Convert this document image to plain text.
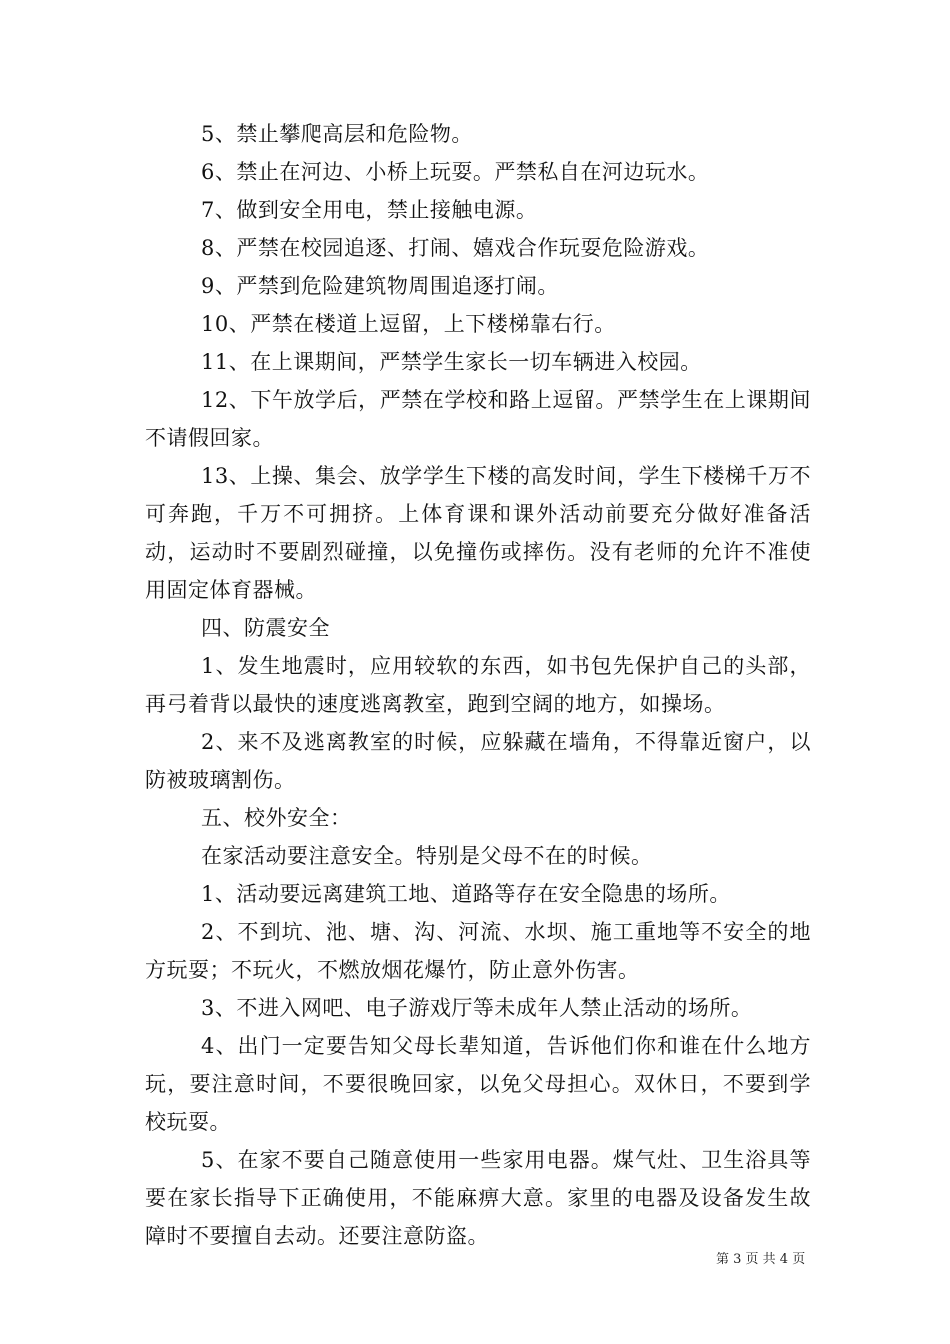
5、禁止攀爬高层和危险物。

6、禁止在河边、小桥上玩耍。严禁私自在河边玩水。

7、做到安全用电，禁止接触电源。

8、严禁在校园追逐、打闹、嬉戏合作玩耍危险游戏。

9、严禁到危险建筑物周围追逐打闹。

10、严禁在楼道上逗留，上下楼梯靠右行。

11、在上课期间，严禁学生家长一切车辆进入校园。

12、下午放学后，严禁在学校和路上逗留。严禁学生在上课期间不请假回家。

13、上操、集会、放学学生下楼的高发时间，学生下楼梯千万不可奔跑，千万不可拥挤。上体育课和课外活动前要充分做好准备活动，运动时不要剧烈碰撞，以免撞伤或摔伤。没有老师的允许不准使用固定体育器械。

四、防震安全

1、发生地震时，应用较软的东西，如书包先保护自己的头部，再弓着背以最快的速度逃离教室，跑到空阔的地方，如操场。

2、来不及逃离教室的时候，应躲藏在墙角，不得靠近窗户，以防被玻璃割伤。

五、校外安全：

在家活动要注意安全。特别是父母不在的时候。

1、活动要远离建筑工地、道路等存在安全隐患的场所。

2、不到坑、池、塘、沟、河流、水坝、施工重地等不安全的地方玩耍；不玩火，不燃放烟花爆竹，防止意外伤害。

3、不进入网吧、电子游戏厅等未成年人禁止活动的场所。

4、出门一定要告知父母长辈知道，告诉他们你和谁在什么地方玩，要注意时间，不要很晚回家，以免父母担心。双休日，不要到学校玩耍。

5、在家不要自己随意使用一些家用电器。煤气灶、卫生浴具等要在家长指导下正确使用，不能麻痹大意。家里的电器及设备发生故障时不要擅自去动。还要注意防盗。

第 3 页 共 4 页
